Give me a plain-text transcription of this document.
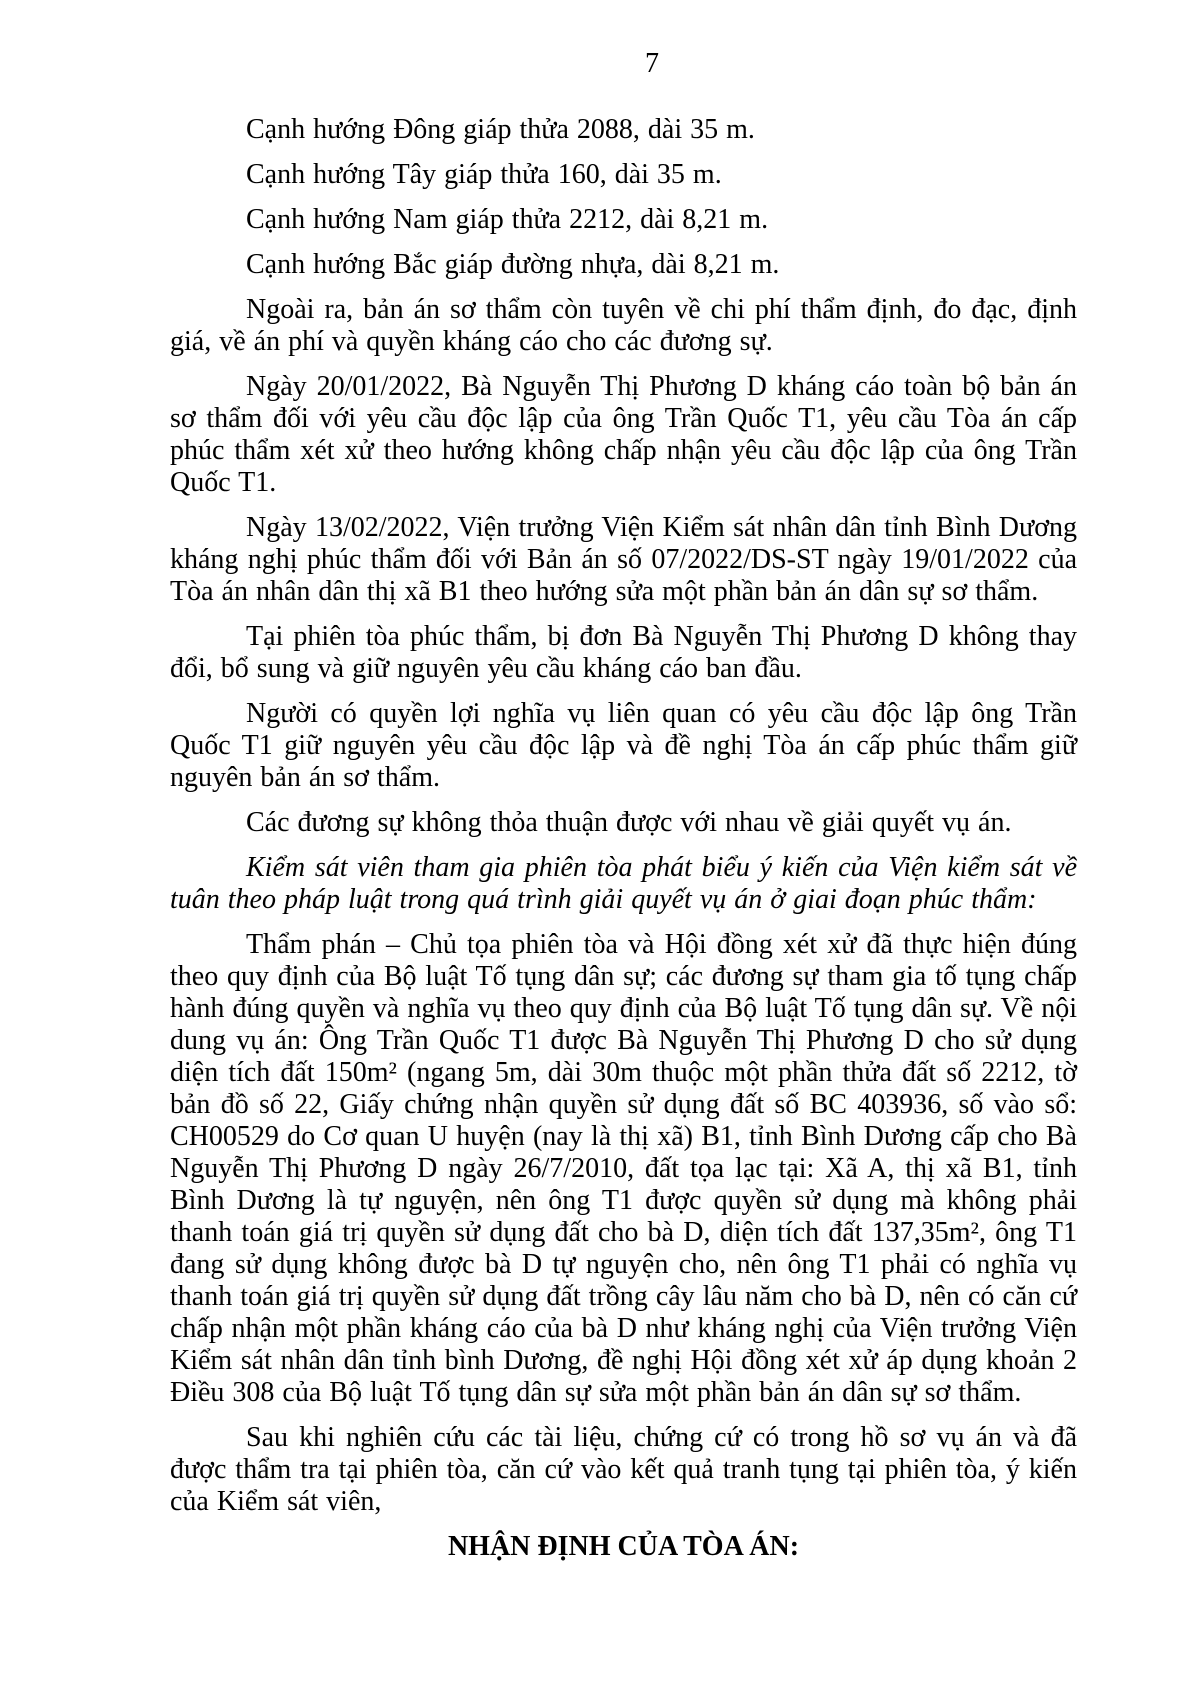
7

Cạnh hướng Đông giáp thửa 2088, dài 35 m.

Cạnh hướng Tây giáp thửa 160, dài 35 m.

Cạnh hướng Nam giáp thửa 2212, dài 8,21 m.

Cạnh hướng Bắc giáp đường nhựa, dài 8,21 m.

Ngoài ra, bản án sơ thẩm còn tuyên về chi phí thẩm định, đo đạc, định giá, về án phí và quyền kháng cáo cho các đương sự.

Ngày 20/01/2022, Bà Nguyễn Thị Phương D kháng cáo toàn bộ bản án sơ thẩm đối với yêu cầu độc lập của ông Trần Quốc T1, yêu cầu Tòa án cấp phúc thẩm xét xử theo hướng không chấp nhận yêu cầu độc lập của ông Trần Quốc T1.

Ngày 13/02/2022, Viện trưởng Viện Kiểm sát nhân dân tỉnh Bình Dương kháng nghị phúc thẩm đối với Bản án số 07/2022/DS-ST ngày 19/01/2022 của Tòa án nhân dân thị xã B1 theo hướng sửa một phần bản án dân sự sơ thẩm.

Tại phiên tòa phúc thẩm, bị đơn Bà Nguyễn Thị Phương D không thay đổi, bổ sung và giữ nguyên yêu cầu kháng cáo ban đầu.

Người có quyền lợi nghĩa vụ liên quan có yêu cầu độc lập ông Trần Quốc T1 giữ nguyên yêu cầu độc lập và đề nghị Tòa án cấp phúc thẩm giữ nguyên bản án sơ thẩm.

Các đương sự không thỏa thuận được với nhau về giải quyết vụ án.

Kiểm sát viên tham gia phiên tòa phát biểu ý kiến của Viện kiểm sát về tuân theo pháp luật trong quá trình giải quyết vụ án ở giai đoạn phúc thẩm:

Thẩm phán – Chủ tọa phiên tòa và Hội đồng xét xử đã thực hiện đúng theo quy định của Bộ luật Tố tụng dân sự; các đương sự tham gia tố tụng chấp hành đúng quyền và nghĩa vụ theo quy định của Bộ luật Tố tụng dân sự. Về nội dung vụ án: Ông Trần Quốc T1 được Bà Nguyễn Thị Phương D cho sử dụng diện tích đất 150m² (ngang 5m, dài 30m thuộc một phần thửa đất số 2212, tờ bản đồ số 22, Giấy chứng nhận quyền sử dụng đất số BC 403936, số vào sổ: CH00529 do Cơ quan U huyện (nay là thị xã) B1, tỉnh Bình Dương cấp cho Bà Nguyễn Thị Phương D ngày 26/7/2010, đất tọa lạc tại: Xã A, thị xã B1, tỉnh Bình Dương là tự nguyện, nên ông T1 được quyền sử dụng mà không phải thanh toán giá trị quyền sử dụng đất cho bà D, diện tích đất 137,35m², ông T1 đang sử dụng không được bà D tự nguyện cho, nên ông T1 phải có nghĩa vụ thanh toán giá trị quyền sử dụng đất trồng cây lâu năm cho bà D, nên có căn cứ chấp nhận một phần kháng cáo của bà D như kháng nghị của Viện trưởng Viện Kiểm sát nhân dân tỉnh bình Dương, đề nghị Hội đồng xét xử áp dụng khoản 2 Điều 308 của Bộ luật Tố tụng dân sự sửa một phần bản án dân sự sơ thẩm.

Sau khi nghiên cứu các tài liệu, chứng cứ có trong hồ sơ vụ án và đã được thẩm tra tại phiên tòa, căn cứ vào kết quả tranh tụng tại phiên tòa, ý kiến của Kiểm sát viên,

NHẬN ĐỊNH CỦA TÒA ÁN:
